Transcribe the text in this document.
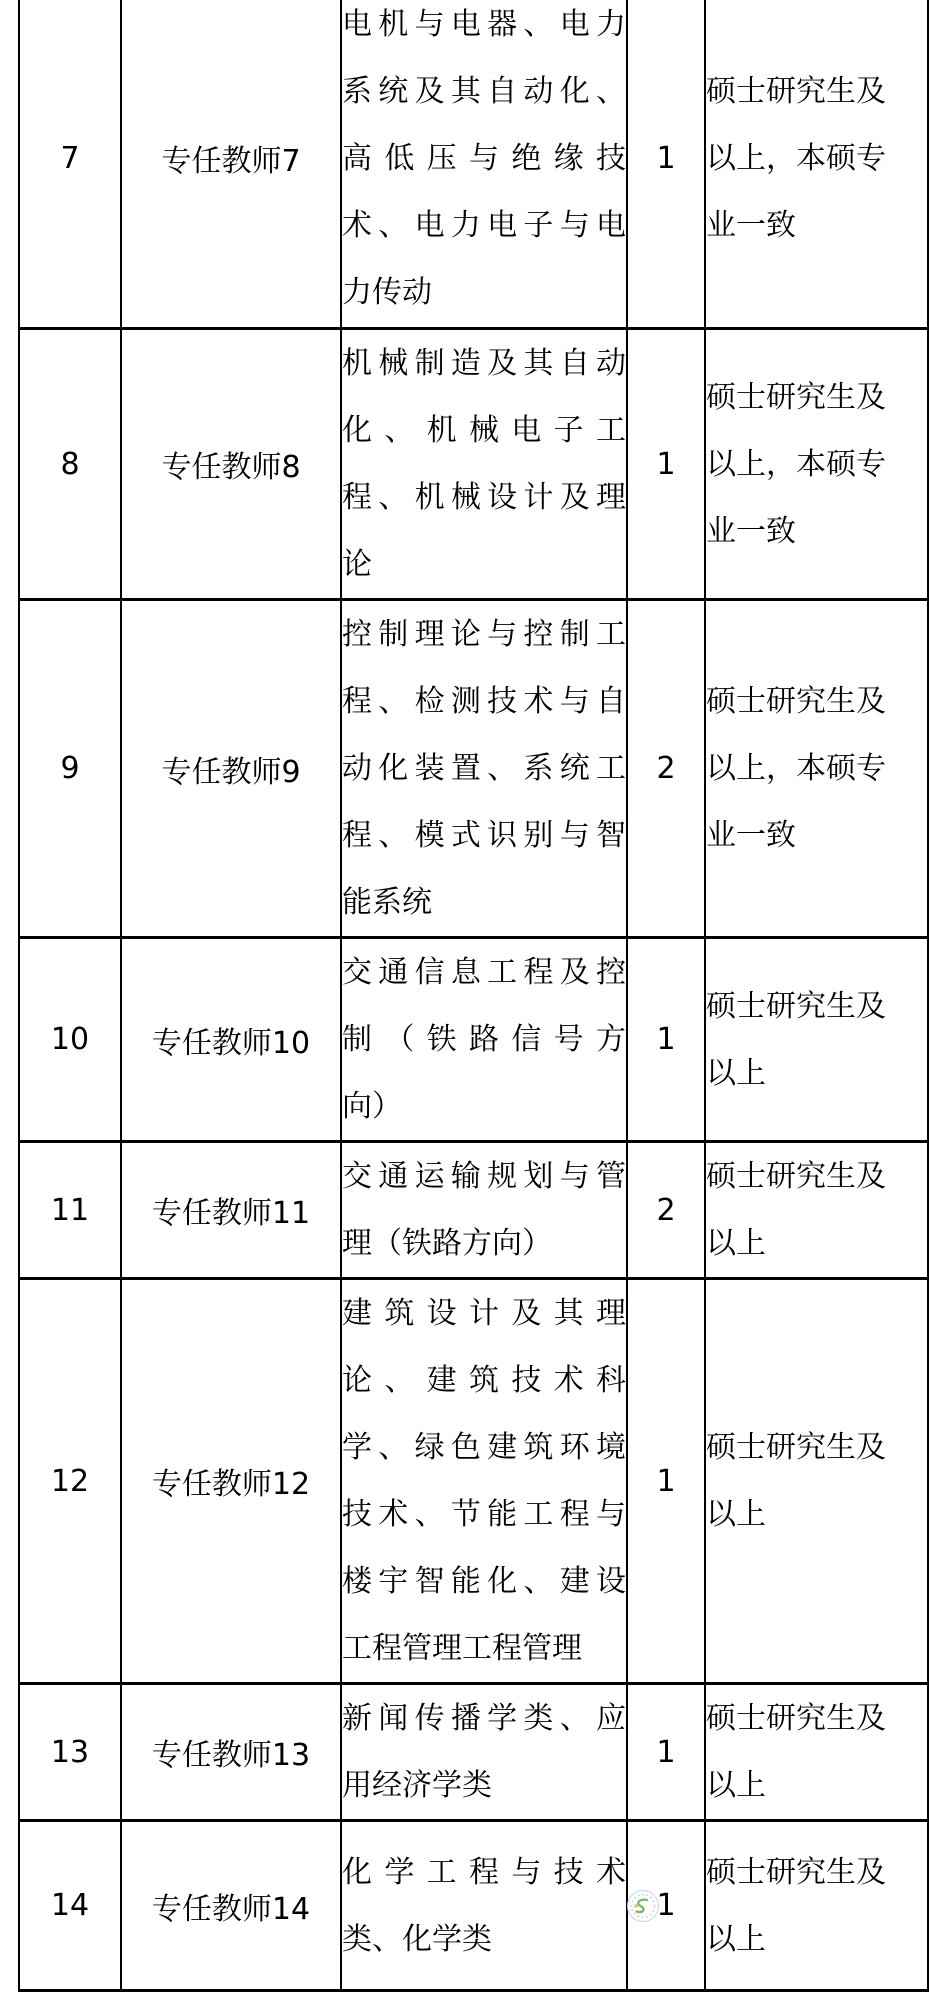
7	专任教师7	
电机与电器、电力
系统及其自动化、
高低压与绝缘技
术、电力电子与电
力传动
	1	
硕士研究生及
以上，本硕专
业一致

8	专任教师8	
机械制造及其自动
化、机械电子工
程、机械设计及理
论
	1	
硕士研究生及
以上，本硕专
业一致

9	专任教师9	
控制理论与控制工
程、检测技术与自
动化装置、系统工
程、模式识别与智
能系统
	2	
硕士研究生及
以上，本硕专
业一致

10	专任教师10	
交通信息工程及控
制（铁路信号方
向）
	1	
硕士研究生及
以上

11	专任教师11	
交通运输规划与管
理（铁路方向）
	2	
硕士研究生及
以上

12	专任教师12	
建筑设计及其理
论、建筑技术科
学、绿色建筑环境
技术、节能工程与
楼宇智能化、建设
工程管理工程管理
	1	
硕士研究生及
以上

13	专任教师13	
新闻传播学类、应
用经济学类
	1	
硕士研究生及
以上

14	专任教师14	
化学工程与技术
类、化学类
	1	
硕士研究生及
以上
